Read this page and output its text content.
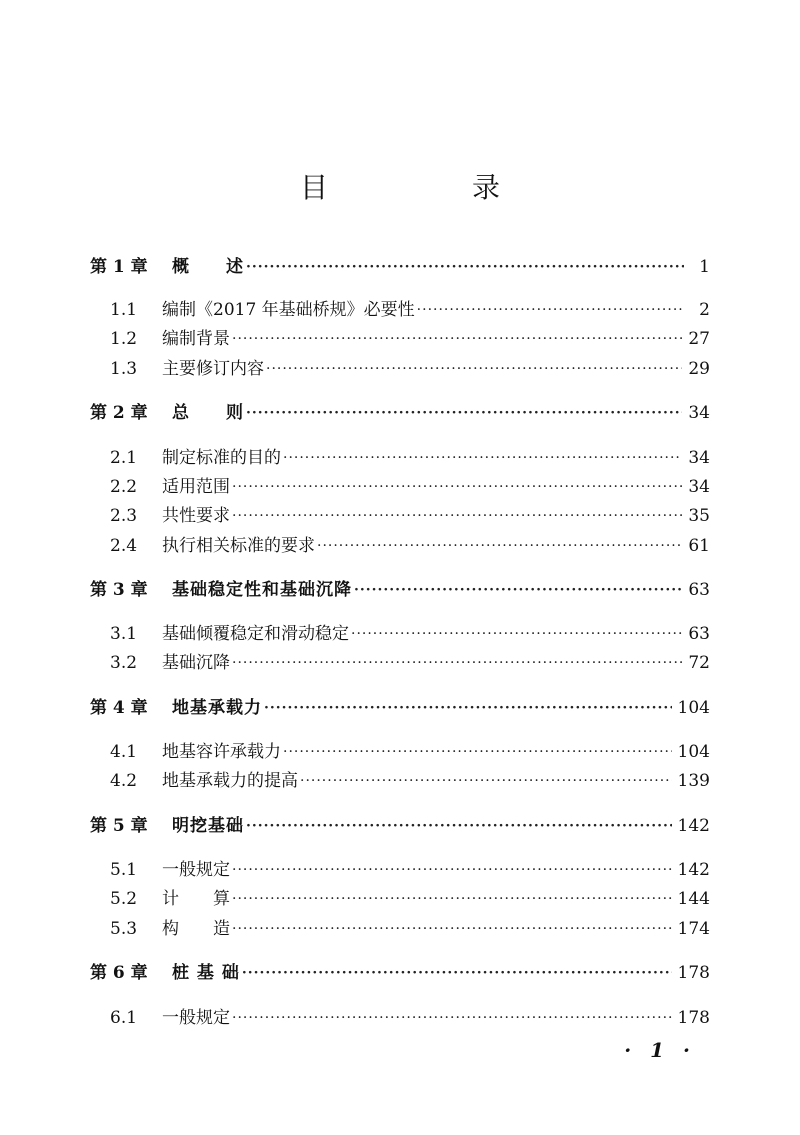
目　录
第 1 章	概　　述 ·····	1
1.1	编制《2017 年基础桥规》必要性 ·····	2
1.2	编制背景 ·····	27
1.3	主要修订内容 ·····	29
第 2 章	总　　则 ·····	34
2.1	制定标准的目的 ·····	34
2.2	适用范围 ·····	34
2.3	共性要求 ·····	35
2.4	执行相关标准的要求 ·····	61
第 3 章	基础稳定性和基础沉降 ·····	63
3.1	基础倾覆稳定和滑动稳定 ·····	63
3.2	基础沉降 ·····	72
第 4 章	地基承载力 ·····	104
4.1	地基容许承载力 ·····	104
4.2	地基承载力的提高 ·····	139
第 5 章	明挖基础 ·····	142
5.1	一般规定 ·····	142
5.2	计　　算 ·····	144
5.3	构　　造 ·····	174
第 6 章	桩 基 础 ·····	178
6.1	一般规定 ·····	178
· 1 ·
